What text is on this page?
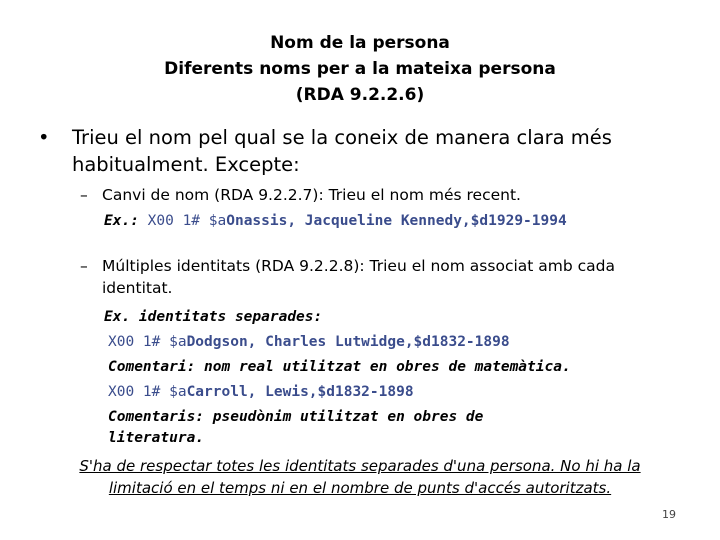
Nom de la persona
Diferents noms per a la mateixa persona
(RDA 9.2.2.6)
• Trieu el nom pel qual se la coneix de manera clara més
habitualment. Excepte:
– Canvi de nom (RDA 9.2.2.7): Trieu el nom més recent.
Ex.: X00 1# $aOnassis, Jacqueline Kennedy,$d1929-1994
– Múltiples identitats (RDA 9.2.2.8): Trieu el nom associat amb cada
identitat.
Ex. identitats separades:
X00 1# $aDodgson, Charles Lutwidge,$d1832-1898
Comentari: nom real utilitzat en obres de matemàtica.
X00 1# $aCarroll, Lewis,$d1832-1898
Comentaris: pseudònim utilitzat en obres de
literatura.
S'ha de respectar totes les identitats separades d'una persona. No hi ha la
limitació en el temps ni en el nombre de punts d'accés autoritzats.
19
